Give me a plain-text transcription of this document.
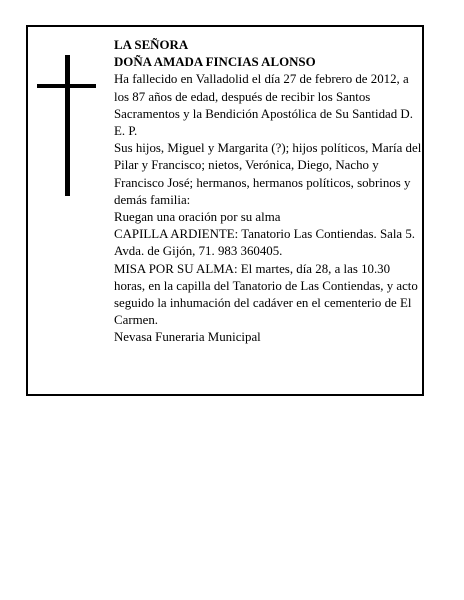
LA SEÑORA

DOÑA AMADA FINCIAS ALONSO

Ha fallecido en Valladolid el día 27 de febrero de 2012, a los 87 años de edad, después de recibir los Santos Sacramentos y la Bendición Apostólica de Su Santidad D. E. P.

Sus hijos, Miguel y Margarita (?); hijos políticos, María del Pilar y Francisco; nietos, Verónica, Diego, Nacho y Francisco José; hermanos, hermanos políticos, sobrinos y demás familia:

Ruegan una oración por su alma

CAPILLA ARDIENTE: Tanatorio Las Contiendas. Sala 5. Avda. de Gijón, 71. 983 360405.

MISA POR SU ALMA: El martes, día 28, a las 10.30 horas, en la capilla del Tanatorio de Las Contiendas, y acto seguido la inhumación del cadáver en el cementerio de El Carmen.

Nevasa Funeraria Municipal
